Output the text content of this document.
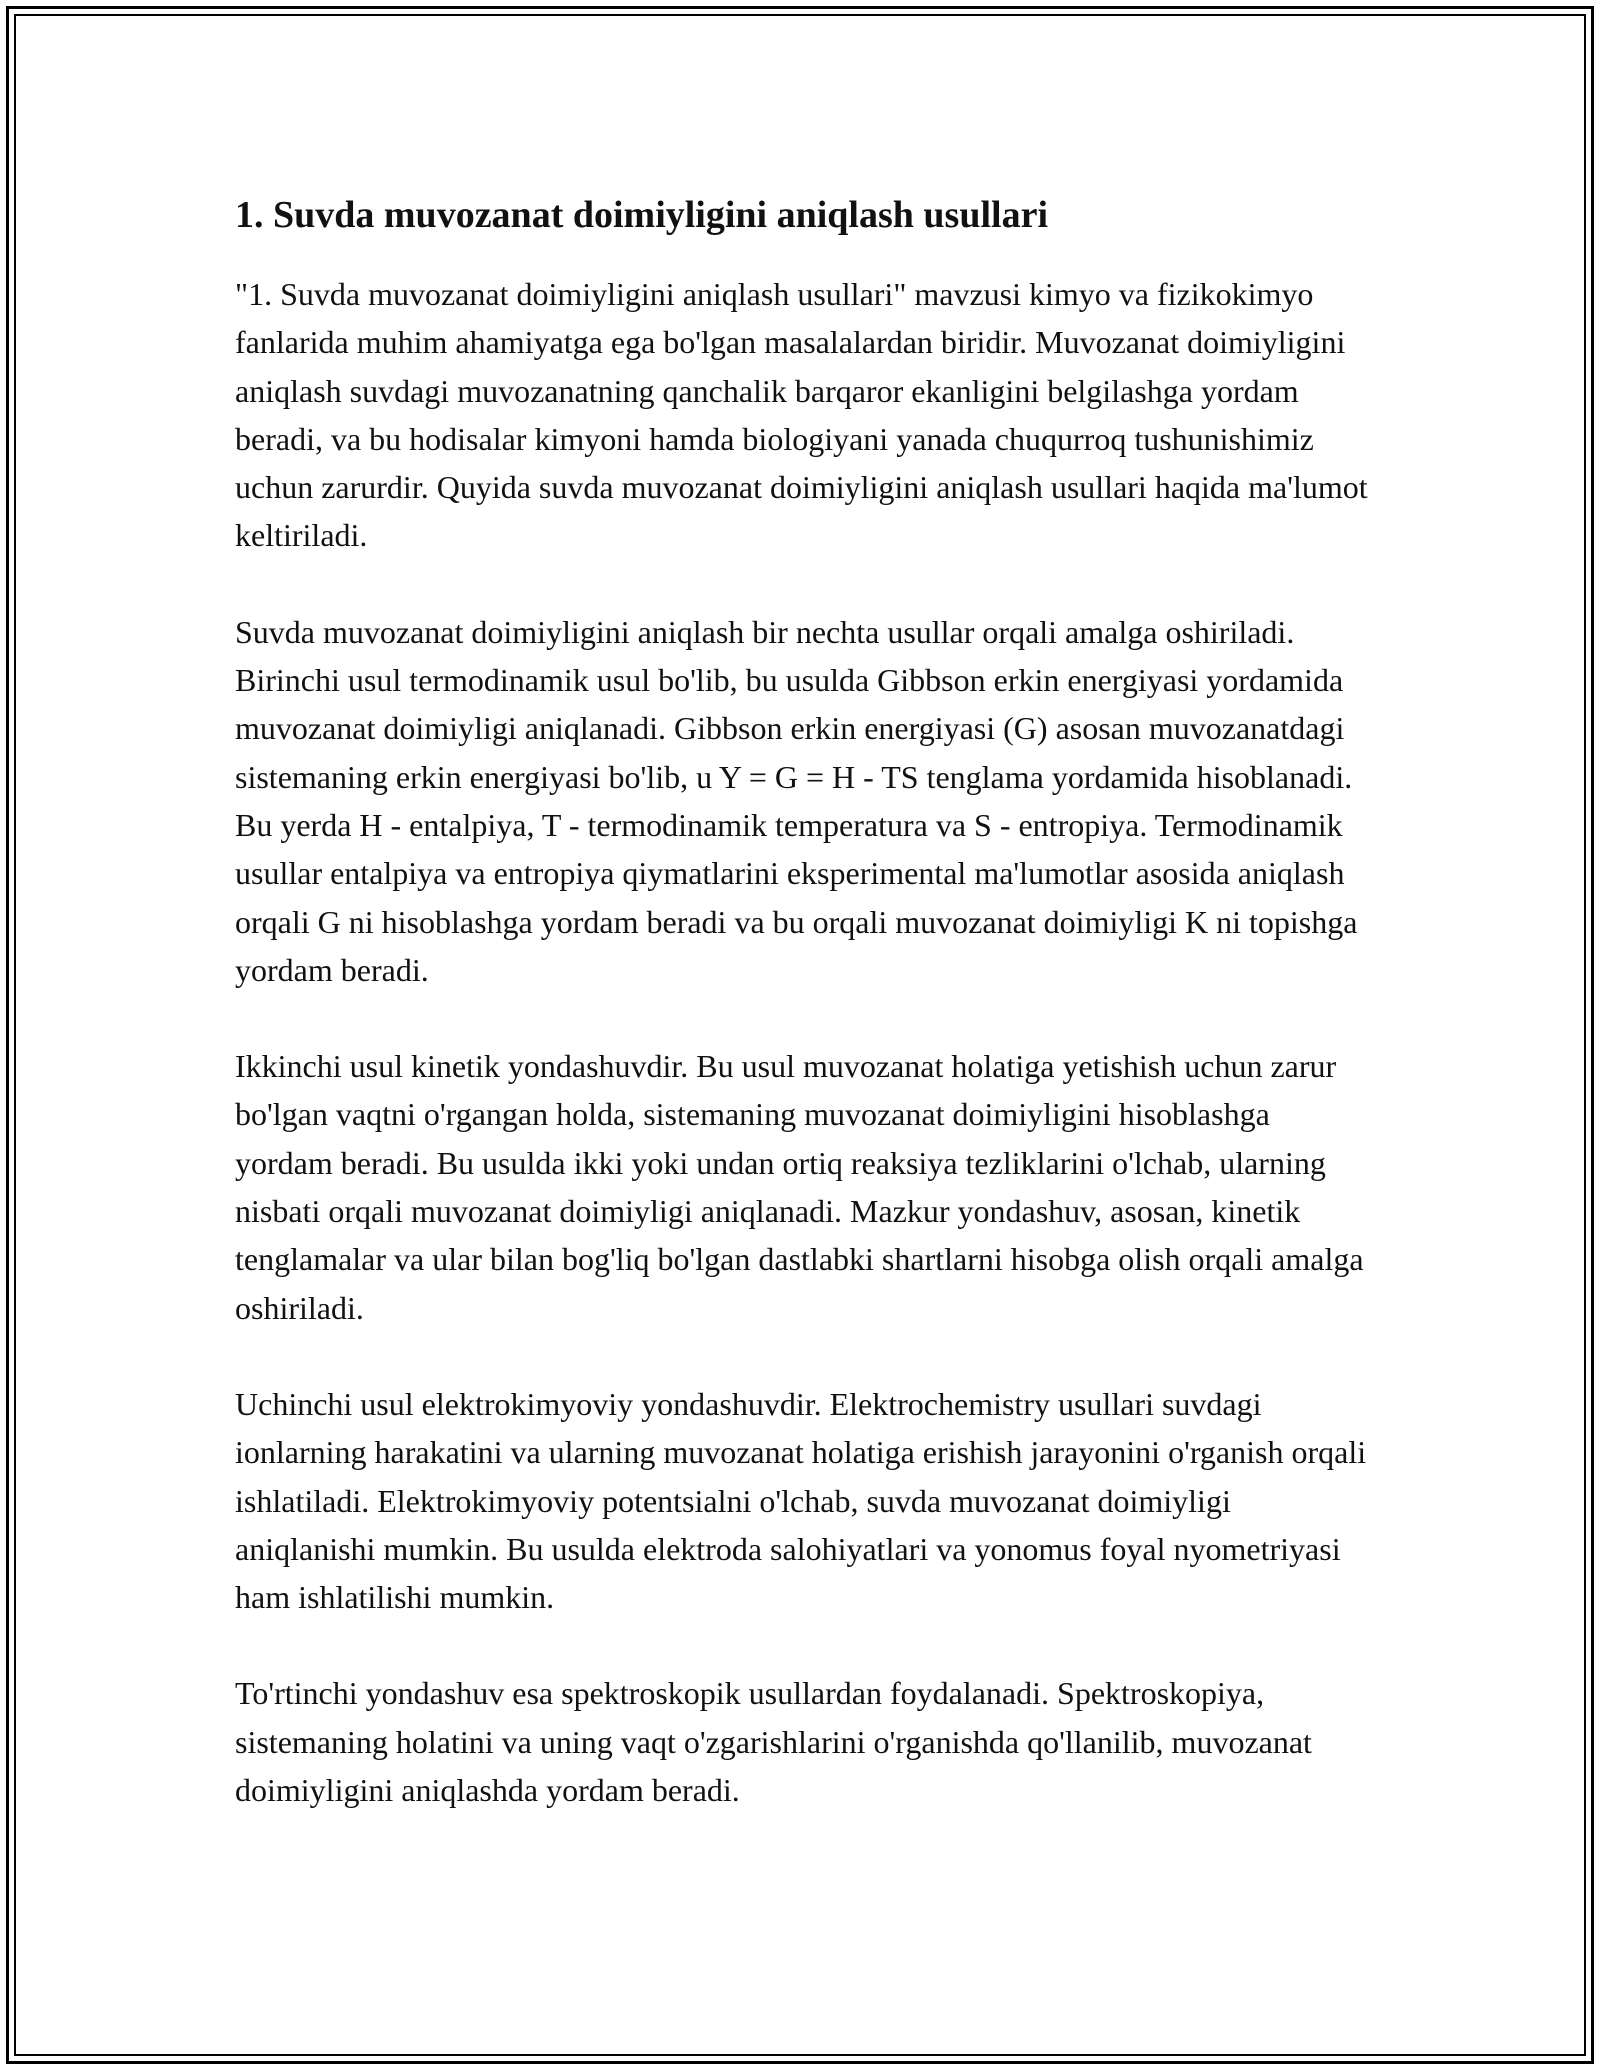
1. Suvda muvozanat doimiyligini aniqlash usullari

"1. Suvda muvozanat doimiyligini aniqlash usullari" mavzusi kimyo va fizikokimyo fanlarida muhim ahamiyatga ega bo'lgan masalalardan biridir. Muvozanat doimiyligini aniqlash suvdagi muvozanatning qanchalik barqaror ekanligini belgilashga yordam beradi, va bu hodisalar kimyoni hamda biologiyani yanada chuqurroq tushunishimiz uchun zarurdir. Quyida suvda muvozanat doimiyligini aniqlash usullari haqida ma'lumot keltiriladi.

Suvda muvozanat doimiyligini aniqlash bir nechta usullar orqali amalga oshiriladi. Birinchi usul termodinamik usul bo'lib, bu usulda Gibbson erkin energiyasi yordamida muvozanat doimiyligi aniqlanadi. Gibbson erkin energiyasi (G) asosan muvozanatdagi sistemaning erkin energiyasi bo'lib, u Y = G = H - TS tenglama yordamida hisoblanadi. Bu yerda H - entalpiya, T - termodinamik temperatura va S - entropiya. Termodinamik usullar entalpiya va entropiya qiymatlarini eksperimental ma'lumotlar asosida aniqlash orqali G ni hisoblashga yordam beradi va bu orqali muvozanat doimiyligi K ni topishga yordam beradi.

Ikkinchi usul kinetik yondashuvdir. Bu usul muvozanat holatiga yetishish uchun zarur bo'lgan vaqtni o'rgangan holda, sistemaning muvozanat doimiyligini hisoblashga yordam beradi. Bu usulda ikki yoki undan ortiq reaksiya tezliklarini o'lchab, ularning nisbati orqali muvozanat doimiyligi aniqlanadi. Mazkur yondashuv, asosan, kinetik tenglamalar va ular bilan bog'liq bo'lgan dastlabki shartlarni hisobga olish orqali amalga oshiriladi.

Uchinchi usul elektrokimyoviy yondashuvdir. Elektrochemistry usullari suvdagi ionlarning harakatini va ularning muvozanat holatiga erishish jarayonini o'rganish orqali ishlatiladi. Elektrokimyoviy potentsialni o'lchab, suvda muvozanat doimiyligi aniqlanishi mumkin. Bu usulda elektroda salohiyatlari va yonomus foyal nyometriyasi ham ishlatilishi mumkin.

To'rtinchi yondashuv esa spektroskopik usullardan foydalanadi. Spektroskopiya, sistemaning holatini va uning vaqt o'zgarishlarini o'rganishda qo'llanilib, muvozanat doimiyligini aniqlashda yordam beradi.
